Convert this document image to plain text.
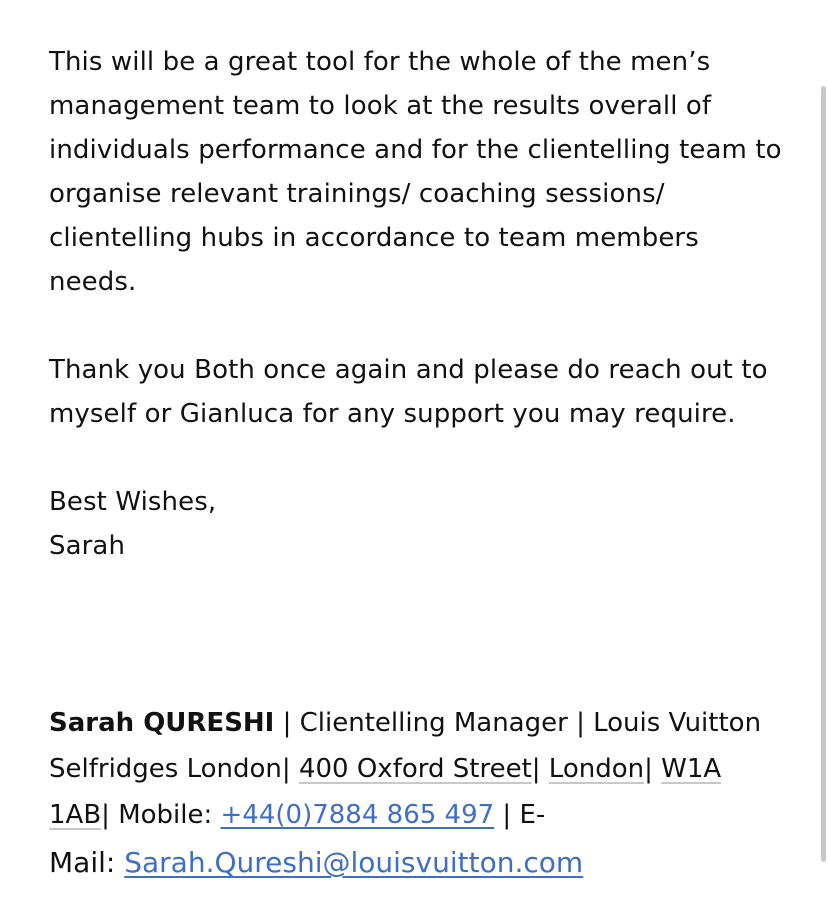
This will be a great tool for the whole of the men’s management team to look at the results overall of individuals performance and for the clientelling team to organise relevant trainings/ coaching sessions/ clientelling hubs in accordance to team members needs.

Thank you Both once again and please do reach out to myself or Gianluca for any support you may require.

Best Wishes,

Sarah

Sarah QURESHI | Clientelling Manager | Louis Vuitton Selfridges London| 400 Oxford Street| London| W1A 1AB| Mobile: +44(0)7884 865 497 | E-
Mail: Sarah.Qureshi@louisvuitton.com
